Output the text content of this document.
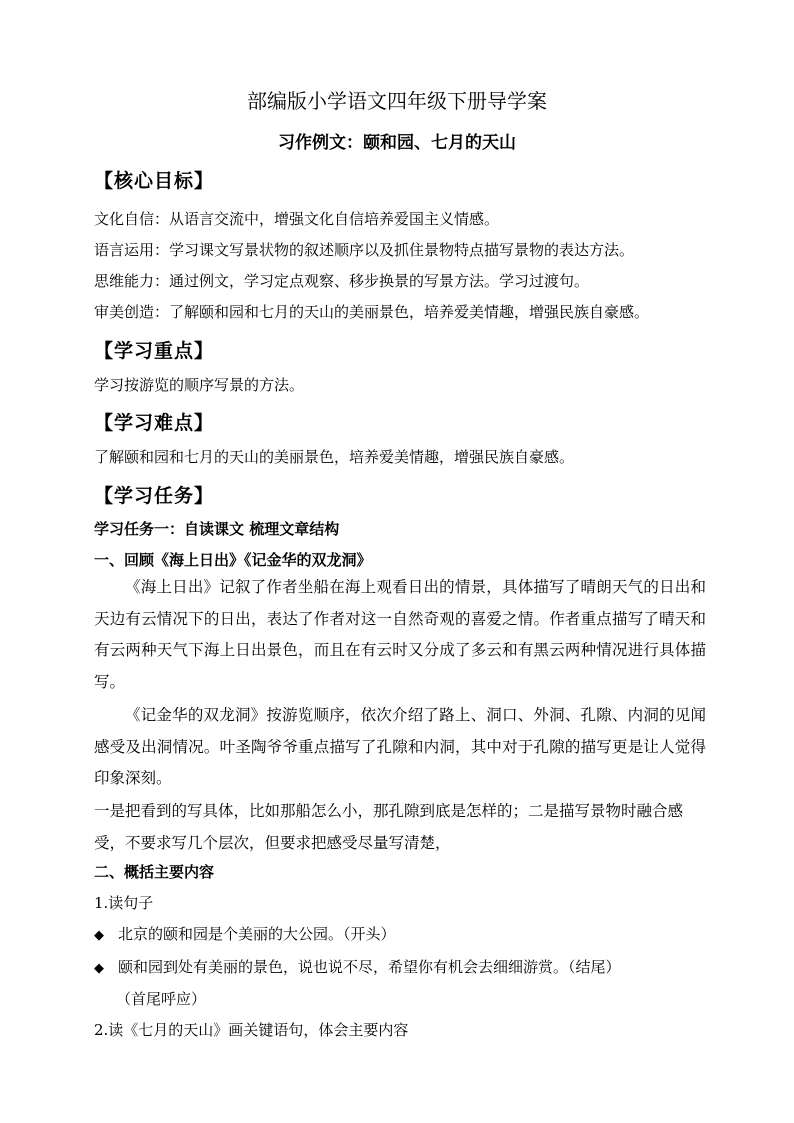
部编版小学语文四年级下册导学案
习作例文：颐和园、七月的天山
【核心目标】
文化自信：从语言交流中，增强文化自信培养爱国主义情感。
语言运用：学习课文写景状物的叙述顺序以及抓住景物特点描写景物的表达方法。
思维能力：通过例文，学习定点观察、移步换景的写景方法。学习过渡句。
审美创造：了解颐和园和七月的天山的美丽景色，培养爱美情趣，增强民族自豪感。
【学习重点】
学习按游览的顺序写景的方法。
【学习难点】
了解颐和园和七月的天山的美丽景色，培养爱美情趣，增强民族自豪感。
【学习任务】
学习任务一：自读课文 梳理文章结构
一、回顾《海上日出》《记金华的双龙洞》
《海上日出》记叙了作者坐船在海上观看日出的情景，具体描写了晴朗天气的日出和天边有云情况下的日出，表达了作者对这一自然奇观的喜爱之情。作者重点描写了晴天和有云两种天气下海上日出景色，而且在有云时又分成了多云和有黑云两种情况进行具体描写。
《记金华的双龙洞》按游览顺序，依次介绍了路上、洞口、外洞、孔隙、内洞的见闻感受及出洞情况。叶圣陶爷爷重点描写了孔隙和内洞，其中对于孔隙的描写更是让人觉得印象深刻。
一是把看到的写具体，比如那船怎么小，那孔隙到底是怎样的；二是描写景物时融合感受，不要求写几个层次，但要求把感受尽量写清楚，
二、概括主要内容
1.读句子
◆ 北京的颐和园是个美丽的大公园。（开头）
◆ 颐和园到处有美丽的景色，说也说不尽，希望你有机会去细细游赏。（结尾）
（首尾呼应）
2.读《七月的天山》画关键语句，体会主要内容
